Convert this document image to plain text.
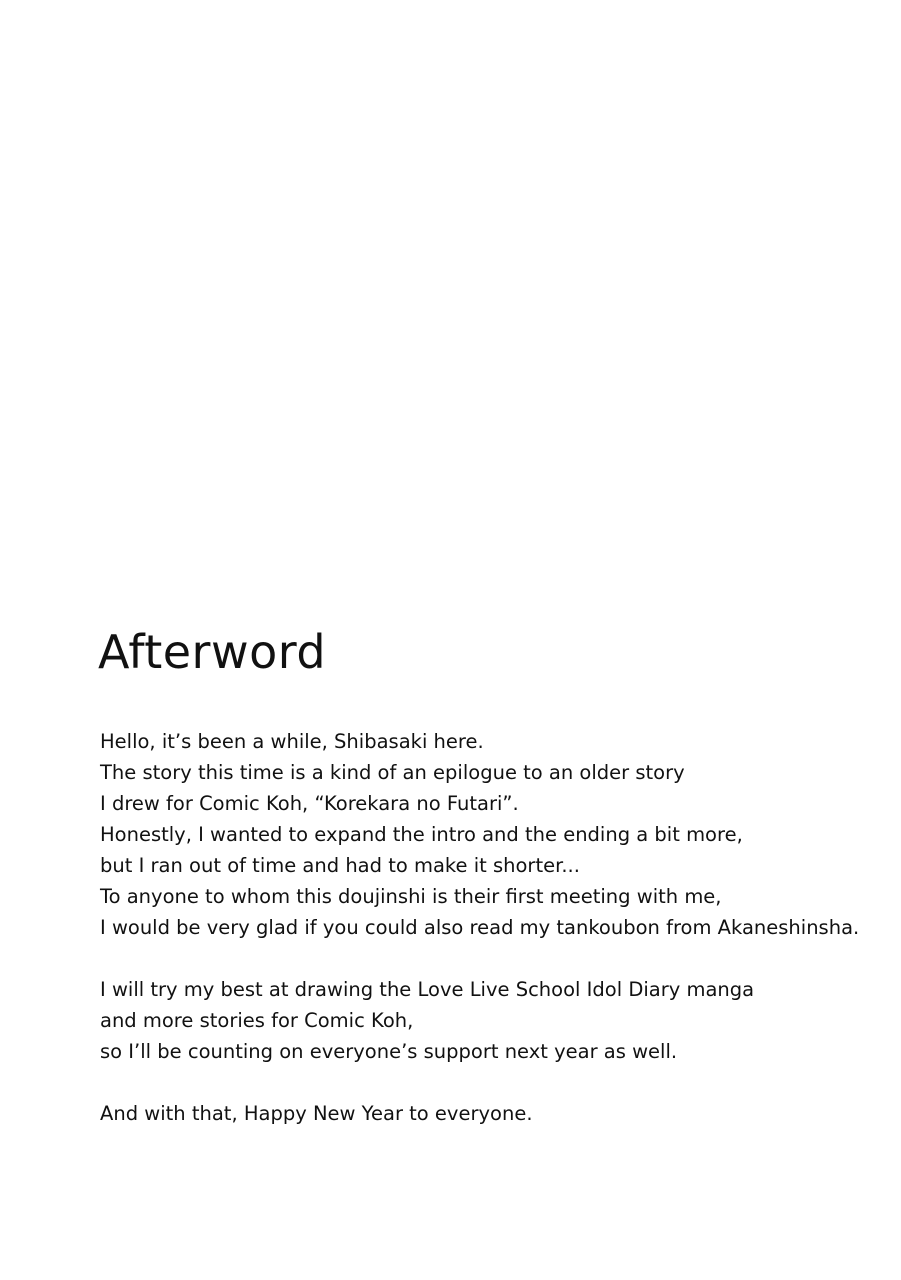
Afterword
Hello, it’s been a while, Shibasaki here.
The story this time is a kind of an epilogue to an older story
I drew for Comic Koh, “Korekara no Futari”.
Honestly, I wanted to expand the intro and the ending a bit more,
but I ran out of time and had to make it shorter...
To anyone to whom this doujinshi is their first meeting with me,
I would be very glad if you could also read my tankoubon from Akaneshinsha.
I will try my best at drawing the Love Live School Idol Diary manga
and more stories for Comic Koh,
so I’ll be counting on everyone’s support next year as well.
And with that, Happy New Year to everyone.
